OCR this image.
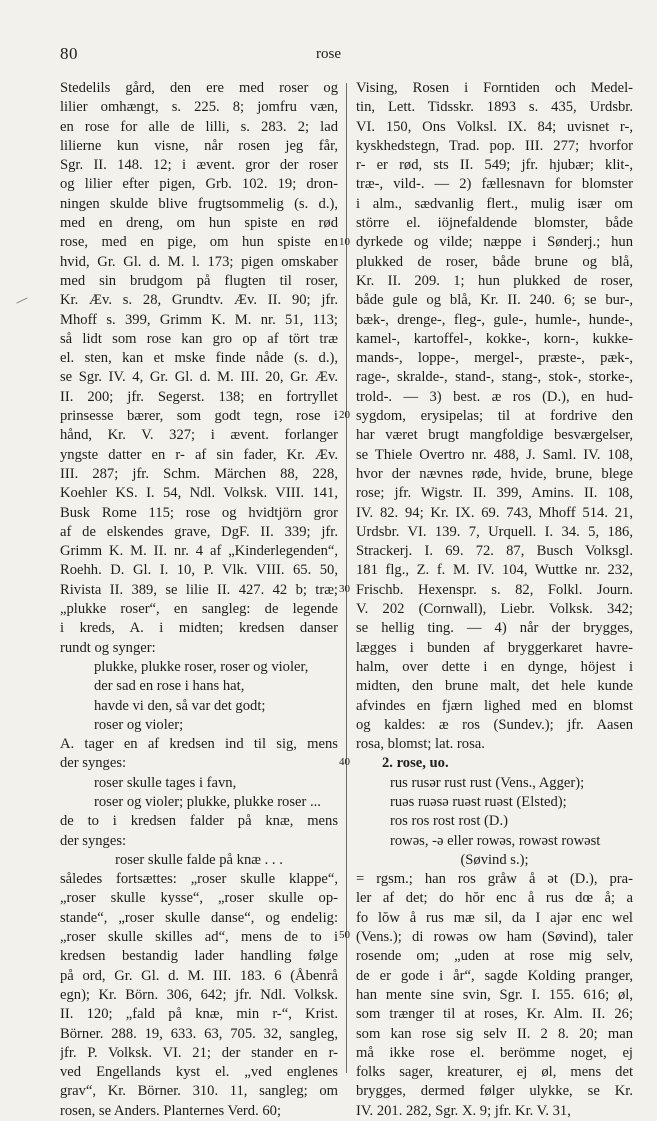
80	rose
Stedelils gård, den ere med roser og
lilier omhængt, s. 225. 8; jomfru væn,
en rose for alle de lilli, s. 283. 2; lad
lilierne kun visne, når rosen jeg får,
Sgr. II. 148. 12; i ævent. gror der roser
og lilier efter pigen, Grb. 102. 19; dron-
ningen skulde blive frugtsommelig (s. d.),
med en dreng, om hun spiste en rød
rose, med en pige, om hun spiste en
hvid, Gr. Gl. d. M. l. 173; pigen omskaber
med sin brudgom på flugten til roser,
Kr. Æv. s. 28, Grundtv. Æv. II. 90; jfr.
Mhoff s. 399, Grimm K. M. nr. 51, 113;
så lidt som rose kan gro op af tört træ
el. sten, kan et mske finde nåde (s. d.),
se Sgr. IV. 4, Gr. Gl. d. M. III. 20, Gr. Æv.
II. 200; jfr. Segerst. 138; en fortryllet
prinsesse bærer, som godt tegn, rose i
hånd, Kr. V. 327; i ævent. forlanger
yngste datter en r- af sin fader, Kr. Æv.
III. 287; jfr. Schm. Märchen 88, 228,
Koehler KS. I. 54, Ndl. Volksk. VIII. 141,
Busk Rome 115; rose og hvidtjörn gror
af de elskendes grave, DgF. II. 339; jfr.
Grimm K. M. II. nr. 4 af „Kinderlegenden“,
Roehh. D. Gl. I. 10, P. Vlk. VIII. 65. 50,
Rivista II. 389, se lilie II. 427. 42 b; træ;
„plukke roser“, en sangleg: de legende
i kreds, A. i midten; kredsen danser
rundt og synger:
plukke, plukke roser, roser og violer,
der sad en rose i hans hat,
havde vi den, så var det godt;
roser og violer;
A. tager en af kredsen ind til sig, mens
der synges:
roser skulle tages i favn,
roser og violer; plukke, plukke roser ...
de to i kredsen falder på knæ, mens
der synges:
roser skulle falde på knæ . . .
således fortsættes: „roser skulle klappe“,
„roser skulle kysse“, „roser skulle op-
stande“, „roser skulle danse“, og endelig:
„roser skulle skilles ad“, mens de to i
kredsen bestandig lader handling følge
på ord, Gr. Gl. d. M. III. 183. 6 (Åbenrå
egn); Kr. Börn. 306, 642; jfr. Ndl. Volksk.
II. 120; „fald på knæ, min r-“, Krist.
Börner. 288. 19, 633. 63, 705. 32, sangleg,
jfr. P. Volksk. VI. 21; der stander en r-
ved Engellands kyst el. „ved englenes
grav“, Kr. Börner. 310. 11, sangleg; om
rosen, se Anders. Planternes Verd. 60;
Vising, Rosen i Forntiden och Medel-
tin, Lett. Tidsskr. 1893 s. 435, Urdsbr.
VI. 150, Ons Volksl. IX. 84; uvisnet r-,
kyskhedstegn, Trad. pop. III. 277; hvorfor
r- er rød, sts II. 549; jfr. hjubær; klit-,
træ-, vild-. — 2) fællesnavn for blomster
i alm., sædvanlig flert., mulig især om
större el. iöjnefaldende blomster, både
dyrkede og vilde; næppe i Sønderj.; hun
plukked de roser, både brune og blå,
Kr. II. 209. 1; hun plukked de roser,
både gule og blå, Kr. II. 240. 6; se bur-,
bæk-, drenge-, fleg-, gule-, humle-, hunde-,
kamel-, kartoffel-, kokke-, korn-, kukke-
mands-, loppe-, mergel-, præste-, pæk-,
rage-, skralde-, stand-, stang-, stok-, storke-,
trold-. — 3) best. æ ros (D.), en hud-
sygdom, erysipelas; til at fordrive den
har været brugt mangfoldige besværgelser,
se Thiele Overtro nr. 488, J. Saml. IV. 108,
hvor der nævnes røde, hvide, brune, blege
rose; jfr. Wigstr. II. 399, Amins. II. 108,
IV. 82. 94; Kr. IX. 69. 743, Mhoff 514. 21,
Urdsbr. VI. 139. 7, Urquell. I. 34. 5, 186,
Strackerj. I. 69. 72. 87, Busch Volksgl.
181 flg., Z. f. M. IV. 104, Wuttke nr. 232,
Frischb. Hexenspr. s. 82, Folkl. Journ.
V. 202 (Cornwall), Liebr. Volksk. 342;
se hellig ting. — 4) når der brygges,
lægges i bunden af bryggerkaret havre-
halm, over dette i en dynge, höjest i
midten, den brune malt, det hele kunde
afvindes en fjærn lighed med en blomst
og kaldes: æ ros (Sundev.); jfr. Aasen
rosa, blomst; lat. rosa.
2. rose, uo.
rus rusər rust rust (Vens., Agger);
ruəs ruəsə ruəst ruəst (Elsted);
ros ros rost rost (D.)
rowəs, -ə eller rowəs, rowəst rowəst
(Søvind s.);
= rgsm.; han ros gråw å ət (D.), pra-
ler af det; do hŏr enc å rus dœ å; a
fo lŏw å rus mæ sil, da I ajər enc wel
(Vens.); di rowəs ow ham (Søvind), taler
rosende om; „uden at rose mig selv,
de er gode i år“, sagde Kolding pranger,
han mente sine svin, Sgr. I. 155. 616; øl,
som trænger til at roses, Kr. Alm. II. 26;
som kan rose sig selv II. 2 8. 20; man
må ikke rose el. berömme noget, ej
folks sager, kreaturer, ej øl, mens det
brygges, dermed følger ulykke, se Kr.
IV. 201. 282, Sgr. X. 9; jfr. Kr. V. 31,
10
20
30
40
50
